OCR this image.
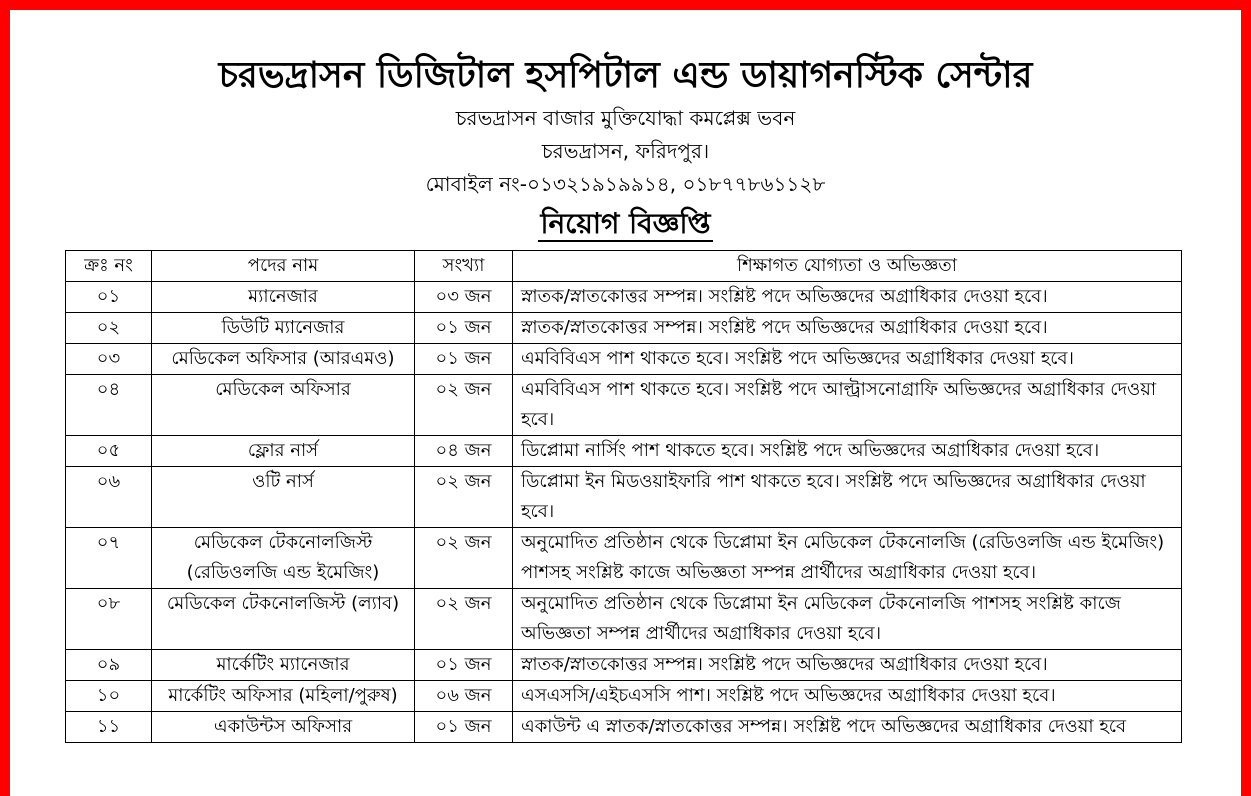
চরভদ্রাসন ডিজিটাল হসপিটাল এন্ড ডায়াগনস্টিক সেন্টার
চরভদ্রাসন বাজার মুক্তিযোদ্ধা কমপ্লেক্স ভবন
চরভদ্রাসন, ফরিদপুর।
মোবাইল নং-০১৩২১৯১৯৯১৪, ০১৮৭৭৮৬১১২৮
নিয়োগ বিজ্ঞপ্তি
ক্রঃ নং	পদের নাম	সংখ্যা	শিক্ষাগত যোগ্যতা ও অভিজ্ঞতা
০১	ম্যানেজার	০৩ জন	স্নাতক/স্নাতকোত্তর সম্পন্ন। সংশ্লিষ্ট পদে অভিজ্ঞদের অগ্রাধিকার দেওয়া হবে।
০২	ডিউটি ম্যানেজার	০১ জন	স্নাতক/স্নাতকোত্তর সম্পন্ন। সংশ্লিষ্ট পদে অভিজ্ঞদের অগ্রাধিকার দেওয়া হবে।
০৩	মেডিকেল অফিসার (আরএমও)	০১ জন	এমবিবিএস পাশ থাকতে হবে। সংশ্লিষ্ট পদে অভিজ্ঞদের অগ্রাধিকার দেওয়া হবে।
০৪	মেডিকেল অফিসার	০২ জন	এমবিবিএস পাশ থাকতে হবে। সংশ্লিষ্ট পদে আল্ট্রাসনোগ্রাফি অভিজ্ঞদের অগ্রাধিকার দেওয়া হবে।
০৫	ফ্লোর নার্স	০৪ জন	ডিপ্লোমা নার্সিং পাশ থাকতে হবে। সংশ্লিষ্ট পদে অভিজ্ঞদের অগ্রাধিকার দেওয়া হবে।
০৬	ওটি নার্স	০২ জন	ডিপ্লোমা ইন মিডওয়াইফারি পাশ থাকতে হবে। সংশ্লিষ্ট পদে অভিজ্ঞদের অগ্রাধিকার দেওয়া হবে।
০৭	মেডিকেল টেকনোলজিস্ট (রেডিওলজি এন্ড ইমেজিং)	০২ জন	অনুমোদিত প্রতিষ্ঠান থেকে ডিপ্লোমা ইন মেডিকেল টেকনোলজি (রেডিওলজি এন্ড ইমেজিং) পাশসহ সংশ্লিষ্ট কাজে অভিজ্ঞতা সম্পন্ন প্রার্থীদের অগ্রাধিকার দেওয়া হবে।
০৮	মেডিকেল টেকনোলজিস্ট (ল্যাব)	০২ জন	অনুমোদিত প্রতিষ্ঠান থেকে ডিপ্লোমা ইন মেডিকেল টেকনোলজি পাশসহ সংশ্লিষ্ট কাজে অভিজ্ঞতা সম্পন্ন প্রার্থীদের অগ্রাধিকার দেওয়া হবে।
০৯	মার্কেটিং ম্যানেজার	০১ জন	স্নাতক/স্নাতকোত্তর সম্পন্ন। সংশ্লিষ্ট পদে অভিজ্ঞদের অগ্রাধিকার দেওয়া হবে।
১০	মার্কেটিং অফিসার (মহিলা/পুরুষ)	০৬ জন	এসএসসি/এইচএসসি পাশ। সংশ্লিষ্ট পদে অভিজ্ঞদের অগ্রাধিকার দেওয়া হবে।
১১	একাউন্টস অফিসার	০১ জন	একাউন্ট এ স্নাতক/স্নাতকোত্তর সম্পন্ন। সংশ্লিষ্ট পদে অভিজ্ঞদের অগ্রাধিকার দেওয়া হবে
